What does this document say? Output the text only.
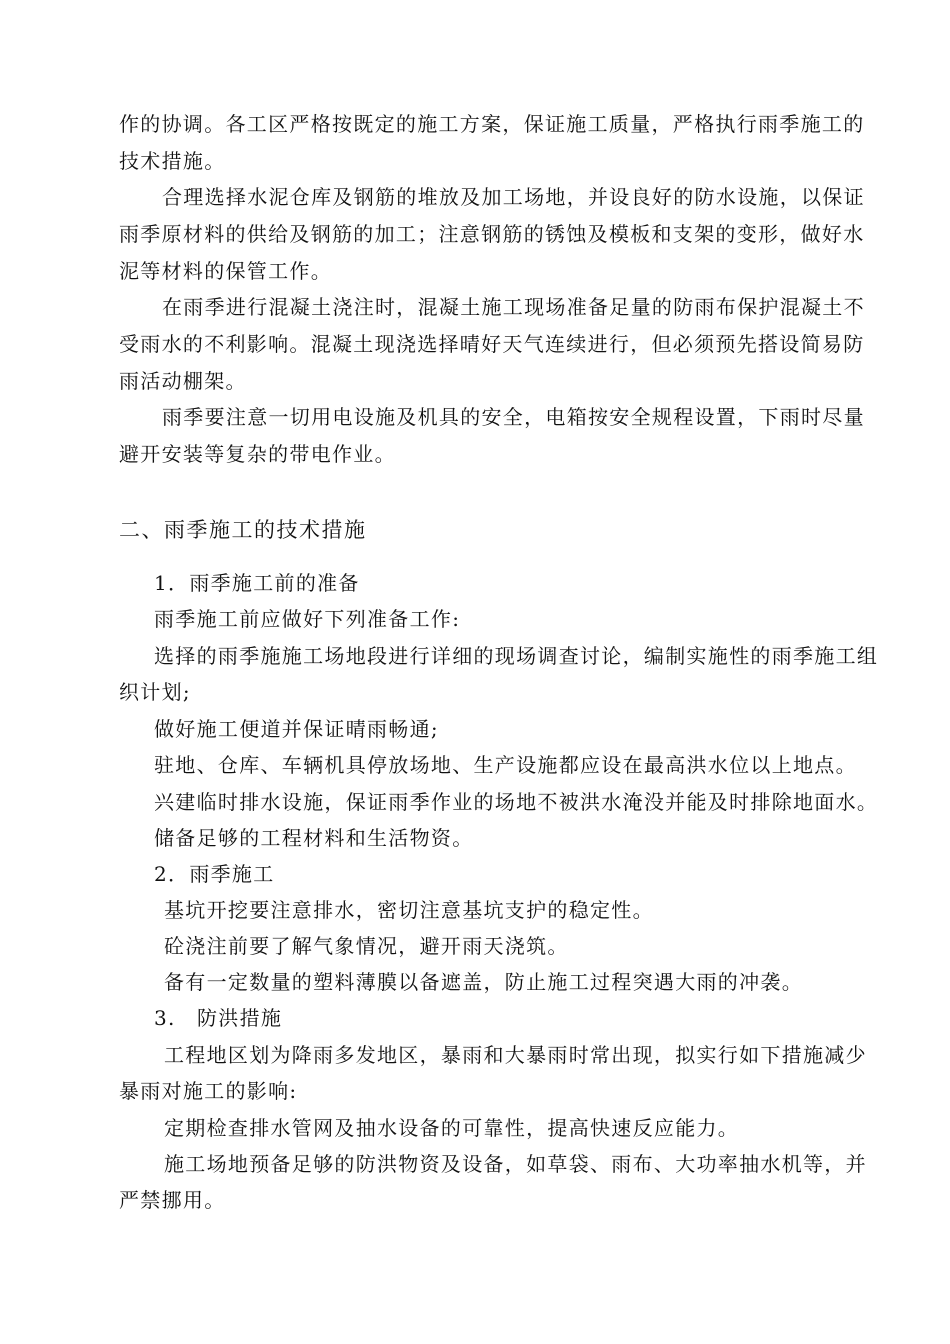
作的协调。各工区严格按既定的施工方案，保证施工质量，严格执行雨季施工的
技术措施。
合理选择水泥仓库及钢筋的堆放及加工场地，并设良好的防水设施，以保证
雨季原材料的供给及钢筋的加工；注意钢筋的锈蚀及模板和支架的变形，做好水
泥等材料的保管工作。
在雨季进行混凝土浇注时，混凝土施工现场准备足量的防雨布保护混凝土不
受雨水的不利影响。混凝土现浇选择晴好天气连续进行，但必须预先搭设简易防
雨活动棚架。
雨季要注意一切用电设施及机具的安全，电箱按安全规程设置，下雨时尽量
避开安装等复杂的带电作业。
二、雨季施工的技术措施
1．雨季施工前的准备
雨季施工前应做好下列准备工作:
选择的雨季施施工场地段进行详细的现场调查讨论，编制实施性的雨季施工组
织计划;
做好施工便道并保证晴雨畅通;
驻地、仓库、车辆机具停放场地、生产设施都应设在最高洪水位以上地点。
兴建临时排水设施，保证雨季作业的场地不被洪水淹没并能及时排除地面水。
储备足够的工程材料和生活物资。
2．雨季施工
基坑开挖要注意排水，密切注意基坑支护的稳定性。
砼浇注前要了解气象情况，避开雨天浇筑。
备有一定数量的塑料薄膜以备遮盖，防止施工过程突遇大雨的冲袭。
3.　防洪措施
工程地区划为降雨多发地区，暴雨和大暴雨时常出现，拟实行如下措施减少
暴雨对施工的影响:
定期检查排水管网及抽水设备的可靠性，提高快速反应能力。
施工场地预备足够的防洪物资及设备，如草袋、雨布、大功率抽水机等，并
严禁挪用。
